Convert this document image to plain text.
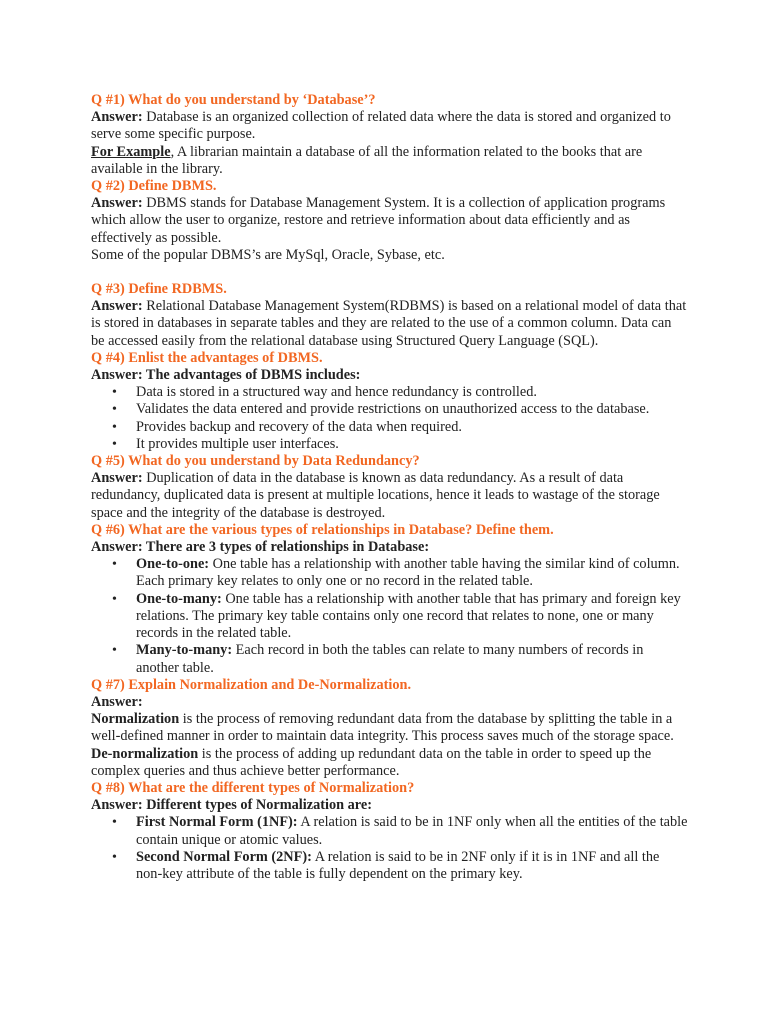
Q #1) What do you understand by ‘Database’?

Answer: Database is an organized collection of related data where the data is stored and organized to serve some specific purpose.

For Example, A librarian maintain a database of all the information related to the books that are available in the library.

Q #2) Define DBMS.

Answer: DBMS stands for Database Management System. It is a collection of application programs which allow the user to organize, restore and retrieve information about data efficiently and as effectively as possible.

Some of the popular DBMS’s are MySql, Oracle, Sybase, etc.

Q #3) Define RDBMS.

Answer: Relational Database Management System(RDBMS) is based on a relational model of data that is stored in databases in separate tables and they are related to the use of a common column. Data can be accessed easily from the relational database using Structured Query Language (SQL).

Q #4) Enlist the advantages of DBMS.

Answer: The advantages of DBMS includes:

• Data is stored in a structured way and hence redundancy is controlled.
• Validates the data entered and provide restrictions on unauthorized access to the database.
• Provides backup and recovery of the data when required.
• It provides multiple user interfaces.

Q #5) What do you understand by Data Redundancy?

Answer: Duplication of data in the database is known as data redundancy. As a result of data redundancy, duplicated data is present at multiple locations, hence it leads to wastage of the storage space and the integrity of the database is destroyed.

Q #6) What are the various types of relationships in Database? Define them.

Answer: There are 3 types of relationships in Database:

• One-to-one: One table has a relationship with another table having the similar kind of column. Each primary key relates to only one or no record in the related table.
• One-to-many: One table has a relationship with another table that has primary and foreign key relations. The primary key table contains only one record that relates to none, one or many records in the related table.
• Many-to-many: Each record in both the tables can relate to many numbers of records in another table.

Q #7) Explain Normalization and De-Normalization.

Answer:

Normalization is the process of removing redundant data from the database by splitting the table in a well-defined manner in order to maintain data integrity. This process saves much of the storage space.

De-normalization is the process of adding up redundant data on the table in order to speed up the complex queries and thus achieve better performance.

Q #8) What are the different types of Normalization?

Answer: Different types of Normalization are:

• First Normal Form (1NF): A relation is said to be in 1NF only when all the entities of the table contain unique or atomic values.
• Second Normal Form (2NF): A relation is said to be in 2NF only if it is in 1NF and all the non-key attribute of the table is fully dependent on the primary key.
